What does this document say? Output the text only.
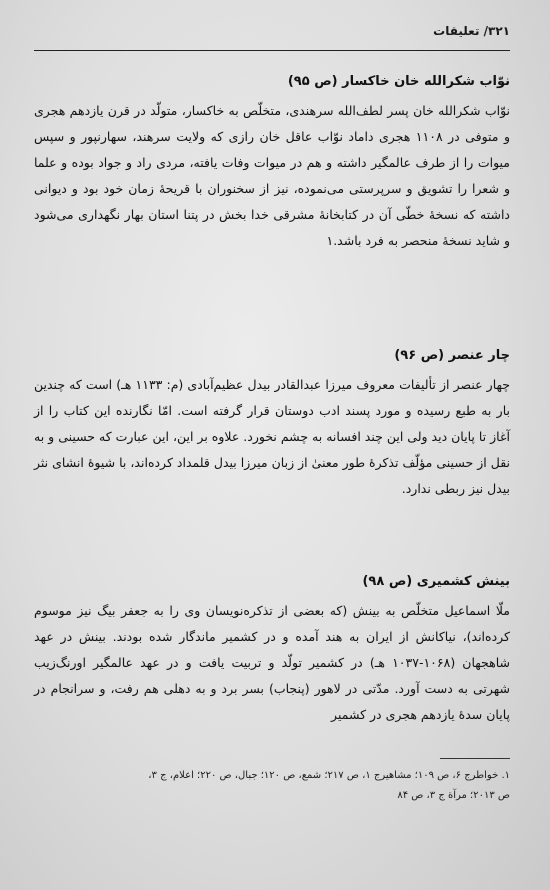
۳۲۱/ تعلیقات

نوّاب شکرالله خان خاکسار (ص ۹۵)

نوّاب شکرالله خان پسر لطف‌الله سرهندی، متخلّص به خاکسار، متولّد در قرن یازدهم هجری و متوفی در ۱۱۰۸ هجری داماد نوّاب عاقل خان رازی که ولایت سرهند، سهارنپور و سپس میوات را از طرف عالمگیر داشته و هم در میوات وفات یافته، مردی راد و جواد بوده و علما و شعرا را تشویق و سرپرستی می‌نموده، نیز از سخنوران با قریحهٔ زمان خود بود و دیوانی داشته که نسخهٔ خطّی آن در کتابخانهٔ مشرقی خدا بخش در پتنا استان بهار نگهداری می‌شود و شاید نسخهٔ منحصر به فرد باشد.۱

چار عنصر (ص ۹۶)

چهار عنصر از تألیفات معروف میرزا عبدالقادر بیدل عظیم‌آبادی (م: ۱۱۳۳ هـ) است که چندین بار به طبع رسیده و مورد پسند ادب دوستان قرار گرفته است. امّا نگارنده این کتاب را از آغاز تا پایان دید ولی این چند افسانه به چشم نخورد. علاوه بر این، این عبارت که حسینی و به نقل از حسینی مؤلّف تذکرهٔ طور معنیٰ از زبان میرزا بیدل قلمداد کرده‌اند، با شیوهٔ انشای نثر بیدل نیز ربطی ندارد.

بینش کشمیری (ص ۹۸)

ملّا اسماعیل متخلّص به بینش (که بعضی از تذکره‌نویسان وی را به جعفر بیگ نیز موسوم کرده‌اند)، نیاکانش از ایران به هند آمده و در کشمیر ماندگار شده بودند. بینش در عهد شاهجهان (۱۰۶۸-۱۰۳۷ هـ) در کشمیر تولّد و تربیت یافت و در عهد عالمگیر اورنگ‌زیب شهرتی به دست آورد. مدّتی در لاهور (پنجاب) بسر برد و به دهلی هم رفت، و سرانجام در پایان سدهٔ یازدهم هجری در کشمیر

۱. خواطرج ۶، ص ۱۰۹؛ مشاهیرج ۱، ص ۲۱۷؛ شمع، ص ۱۲۰؛ جبال، ص ۲۲۰؛ اعلام، ج ۳،
ص ۲۰۱۳؛ مرآة ج ۳، ص ۸۴
